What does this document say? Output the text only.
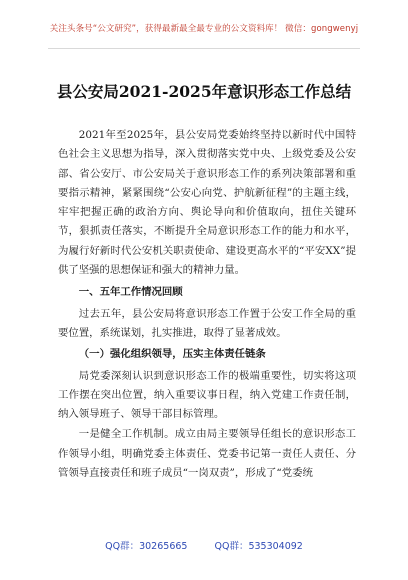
关注头条号“公文研究”，获得最新最全最专业的公文资料库！ 微信：gongwenyj
县公安局2021-2025年意识形态工作总结

2021年至2025年，县公安局党委始终坚持以新时代中国特色社会主义思想为指导，深入贯彻落实党中央、上级党委及公安部、省公安厅、市公安局关于意识形态工作的系列决策部署和重要指示精神，紧紧围绕“公安心向党、护航新征程”的主题主线，牢牢把握正确的政治方向、舆论导向和价值取向，扭住关键环节，狠抓责任落实，不断提升全局意识形态工作的能力和水平，为履行好新时代公安机关职责使命、建设更高水平的“平安XX”提供了坚强的思想保证和强大的精神力量。

一、五年工作情况回顾

过去五年，县公安局将意识形态工作置于公安工作全局的重要位置，系统谋划，扎实推进，取得了显著成效。

（一）强化组织领导，压实主体责任链条

局党委深刻认识到意识形态工作的极端重要性，切实将这项工作摆在突出位置，纳入重要议事日程，纳入党建工作责任制，纳入领导班子、领导干部目标管理。

一是健全工作机制。成立由局主要领导任组长的意识形态工作领导小组，明确党委主体责任、党委书记第一责任人责任、分管领导直接责任和班子成员“一岗双责”，形成了“党委统

QQ群：30265665	QQ群：535304092
